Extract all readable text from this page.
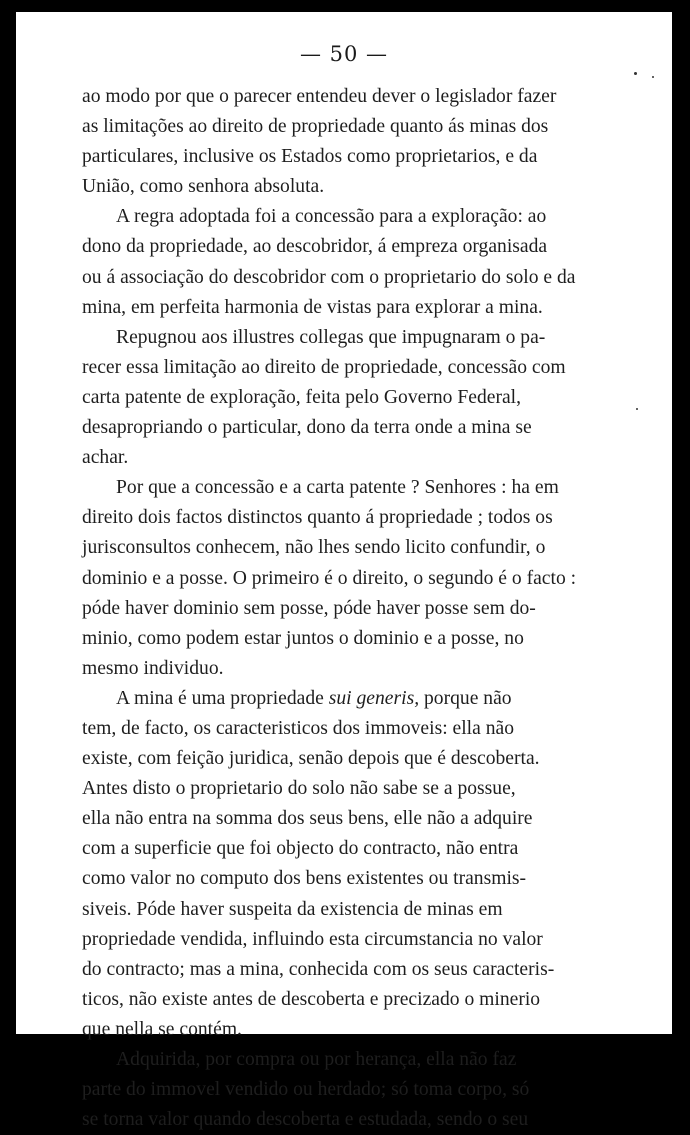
— 50 —

ao modo por que o parecer entendeu dever o legislador fazer
as limitações ao direito de propriedade quanto ás minas dos
particulares, inclusive os Estados como proprietarios, e da
União, como senhora absoluta.

A regra adoptada foi a concessão para a exploração: ao
dono da propriedade, ao descobridor, á empreza organisada
ou á associação do descobridor com o proprietario do solo e da
mina, em perfeita harmonia de vistas para explorar a mina.

Repugnou aos illustres collegas que impugnaram o pa-
recer essa limitação ao direito de propriedade, concessão com
carta patente de exploração, feita pelo Governo Federal,
desapropriando o particular, dono da terra onde a mina se
achar.

Por que a concessão e a carta patente ? Senhores : ha em
direito dois factos distinctos quanto á propriedade ; todos os
jurisconsultos conhecem, não lhes sendo licito confundir, o
dominio e a posse. O primeiro é o direito, o segundo é o facto :
póde haver dominio sem posse, póde haver posse sem do-
minio, como podem estar juntos o dominio e a posse, no
mesmo individuo.

A mina é uma propriedade sui generis, porque não
tem, de facto, os caracteristicos dos immoveis: ella não
existe, com feição juridica, senão depois que é descoberta.
Antes disto o proprietario do solo não sabe se a possue,
ella não entra na somma dos seus bens, elle não a adquire
com a superficie que foi objecto do contracto, não entra
como valor no computo dos bens existentes ou transmis-
siveis. Póde haver suspeita da existencia de minas em
propriedade vendida, influindo esta circumstancia no valor
do contracto; mas a mina, conhecida com os seus caracteris-
ticos, não existe antes de descoberta e precizado o minerio
que nella se contém.

Adquirida, por compra ou por herança, ella não faz
parte do immovel vendido ou herdado; só toma corpo, só
se torna valor quando descoberta e estudada, sendo o seu
